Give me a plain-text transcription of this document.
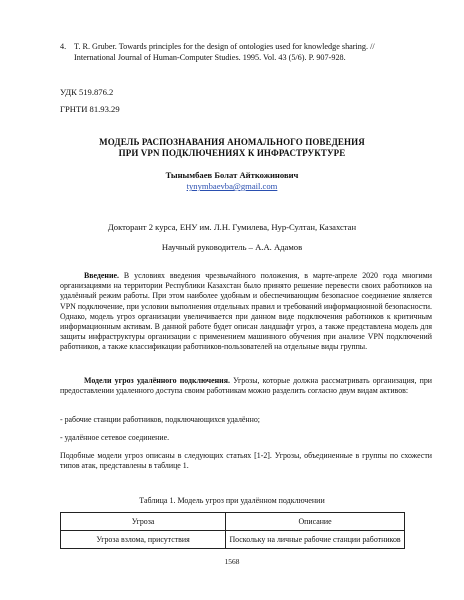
4. T. R. Gruber. Towards principles for the design of ontologies used for knowledge sharing. //
International Journal of Human-Computer Studies. 1995. Vol. 43 (5/6). P. 907-928.
УДК 519.876.2
ГРНТИ 81.93.29
МОДЕЛЬ РАСПОЗНАВАНИЯ АНОМАЛЬНОГО ПОВЕДЕНИЯ
ПРИ VPN ПОДКЛЮЧЕНИЯХ К ИНФРАСТРУКТУРЕ
Тынымбаев Болат Айткожинович
tynymbaevba@gmail.com
Докторант 2 курса, ЕНУ им. Л.Н. Гумилева, Нур-Султан, Казахстан
Научный руководитель – А.А. Адамов

Введение. В условиях введения чрезвычайного положения, в марте-апреле 2020 года многими организациями на территории Республики Казахстан было принято решение перевести своих работников на удалённый режим работы. При этом наиболее удобным и обеспечивающим безопасное соединение является VPN подключение, при условии выполнения отдельных правил и требований информационной безопасности. Однако, модель угроз организации увеличивается при данном виде подключения работников к критичным информационным активам. В данной работе будет описан ландшафт угроз, а также представлена модель для защиты инфраструктуры организации с применением машинного обучения при анализе VPN подключений работников, а также классификации работников-пользователей на отдельные виды группы.

Модели угроз удалённого подключения. Угрозы, которые должна рассматривать организация, при предоставлении удаленного доступа своим работникам можно разделить согласно двум видам активов:

- рабочие станции работников, подключающихся удалённо;
- удалённое сетевое соединение.

Подобные модели угроз описаны в следующих статьях [1-2]. Угрозы, объединенные в группы по схожести типов атак, представлены в таблице 1.

Таблица 1. Модель угроз при удалённом подключении
Угроза	Описание
Угроза взлома, присутствия	Поскольку на личные рабочие станции работников
1568
